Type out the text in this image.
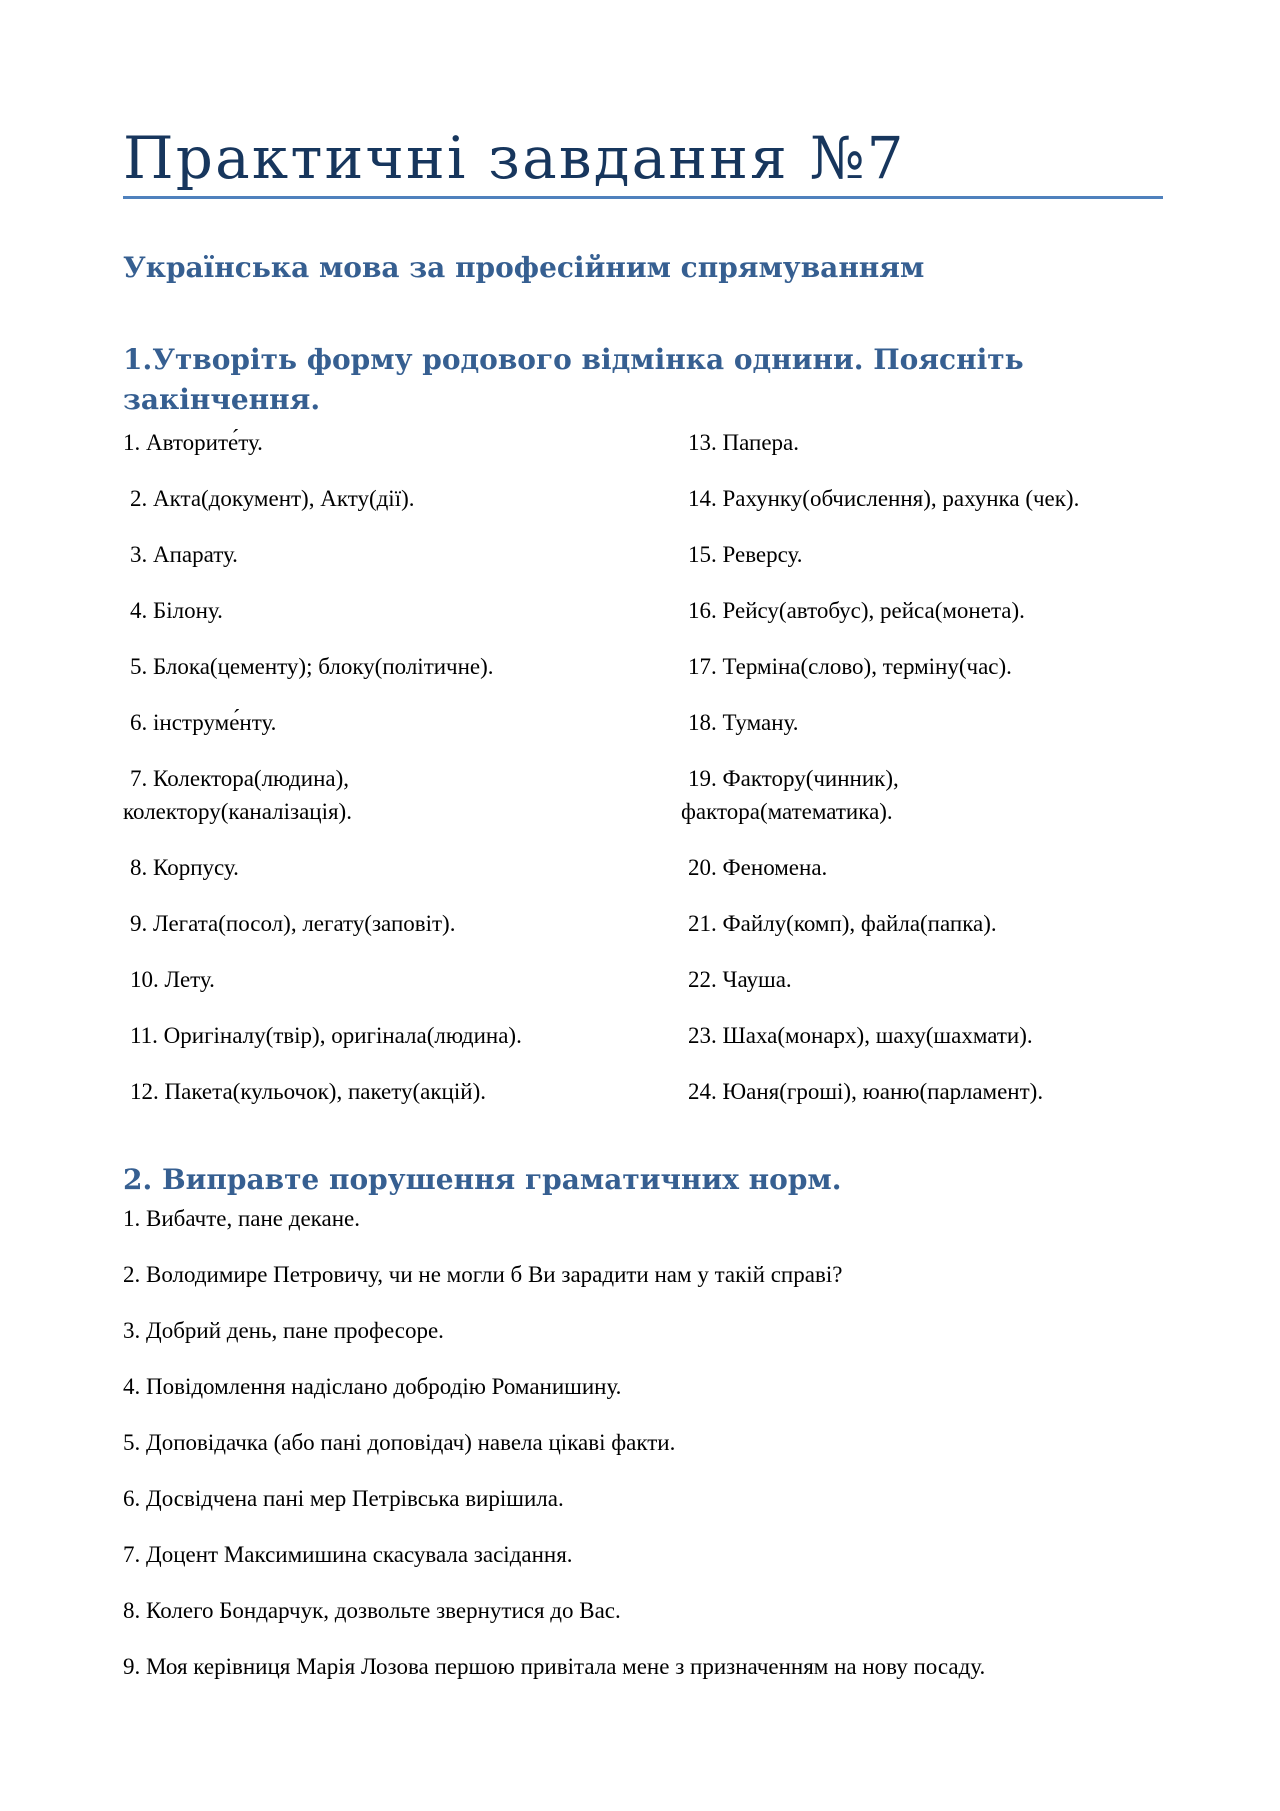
Практичні завдання №7
Українська мова за професійним спрямуванням
1.Утворіть форму родового відмінка однини. Поясніть закінчення.
1. Авторите́ту.
2. Акта(документ), Акту(дії).
3. Апарату.
4. Білону.
5. Блока(цементу); блоку(політичне).
6. інструме́нту.
7. Колектора(людина), колектору(каналізація).
8. Корпусу.
9. Легата(посол), легату(заповіт).
10. Лету.
11. Оригіналу(твір), оригінала(людина).
12. Пакета(кульочок), пакету(акцій).
13. Папера.
14. Рахунку(обчислення), рахунка (чек).
15. Реверсу.
16. Рейсу(автобус), рейса(монета).
17. Терміна(слово), терміну(час).
18. Туману.
19. Фактору(чинник), фактора(математика).
20. Феномена.
21. Файлу(комп), файла(папка).
22. Чауша.
23. Шаха(монарх), шаху(шахмати).
24. Юаня(гроші), юаню(парламент).
2. Виправте порушення граматичних норм.
1. Вибачте, пане декане.
2. Володимире Петровичу, чи не могли б Ви зарадити нам у такій справі?
3. Добрий день, пане професоре.
4. Повідомлення надіслано добродію Романишину.
5. Доповідачка (або пані доповідач) навела цікаві факти.
6. Досвідчена пані мер Петрівська вирішила.
7. Доцент Максимишина скасувала засідання.
8. Колего Бондарчук, дозвольте звернутися до Вас.
9. Моя керівниця Марія Лозова першою привітала мене з призначенням на нову посаду.
